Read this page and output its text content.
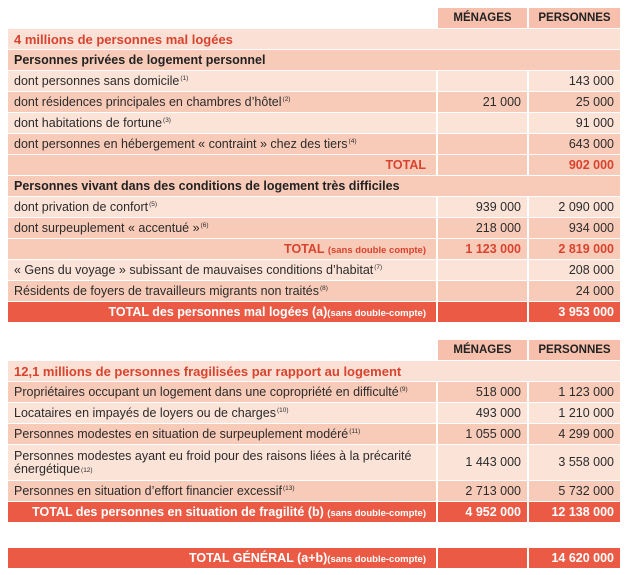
	MÉNAGES	PERSONNES
4 millions de personnes mal logées		
Personnes privées de logement personnel		
dont personnes sans domicile$^{(1)}$		143 000
dont résidences principales en chambres d’hôtel$^{(2)}$	21 000	25 000
dont habitations de fortune$^{(3)}$		91 000
dont personnes en hébergement « contraint » chez des tiers$^{(4)}$		643 000
TOTAL		902 000
Personnes vivant dans des conditions de logement très difficiles		
dont privation de confort$^{(5)}$	939 000	2 090 000
dont surpeuplement « accentué »$^{(6)}$	218 000	934 000
TOTAL (sans double compte)	1 123 000	2 819 000
« Gens du voyage » subissant de mauvaises conditions d’habitat$^{(7)}$		208 000
Résidents de foyers de travailleurs migrants non traités$^{(8)}$		24 000
TOTAL des personnes mal logées (a)(sans double-compte)		3 953 000
	MÉNAGES	PERSONNES
12,1 millions de personnes fragilisées par rapport au logement		
Propriétaires occupant un logement dans une copropriété en difficulté$^{(9)}$	518 000	1 123 000
Locataires en impayés de loyers ou de charges$^{(10)}$	493 000	1 210 000
Personnes modestes en situation de surpeuplement modéré$^{(11)}$	1 055 000	4 299 000
Personnes modestes ayant eu froid pour des raisons liées à la précarité énergétique$^{(12)}$	1 443 000	3 558 000
Personnes en situation d’effort financier excessif$^{(13)}$	2 713 000	5 732 000
TOTAL des personnes en situation de fragilité (b) (sans double-compte)	4 952 000	12 138 000
TOTAL GÉNÉRAL (a+b)(sans double-compte)		14 620 000
